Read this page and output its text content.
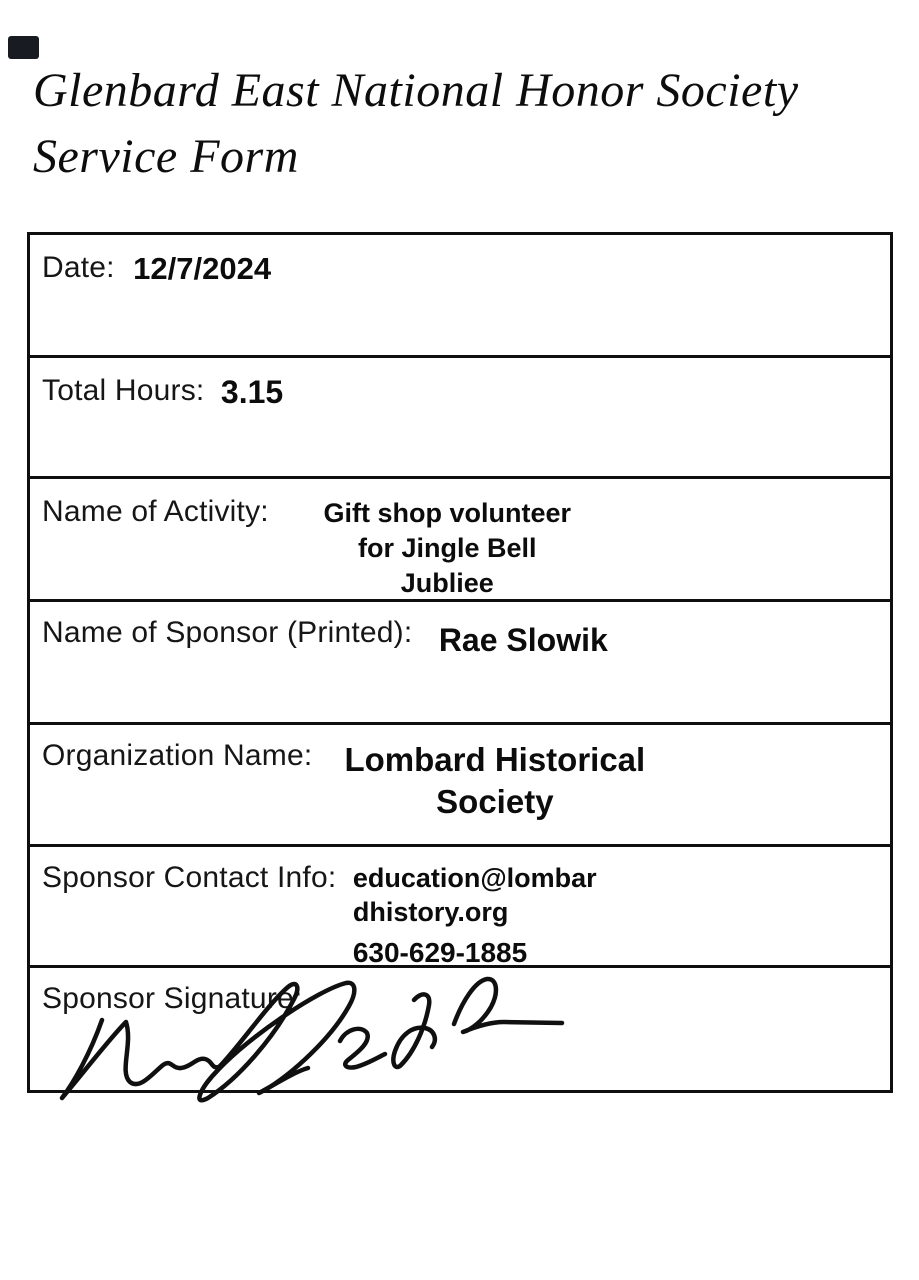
Glenbard East National Honor Society
Service Form
Date: 12/7/2024
Total Hours: 3.15
Name of Activity:	Gift shop volunteer
for Jingle Bell
Jubliee
Name of Sponsor (Printed): Rae Slowik
Organization Name: Lombard Historical
Society
Sponsor Contact Info: education@lombar
dhistory.org
630-629-1885
Sponsor Signature:
